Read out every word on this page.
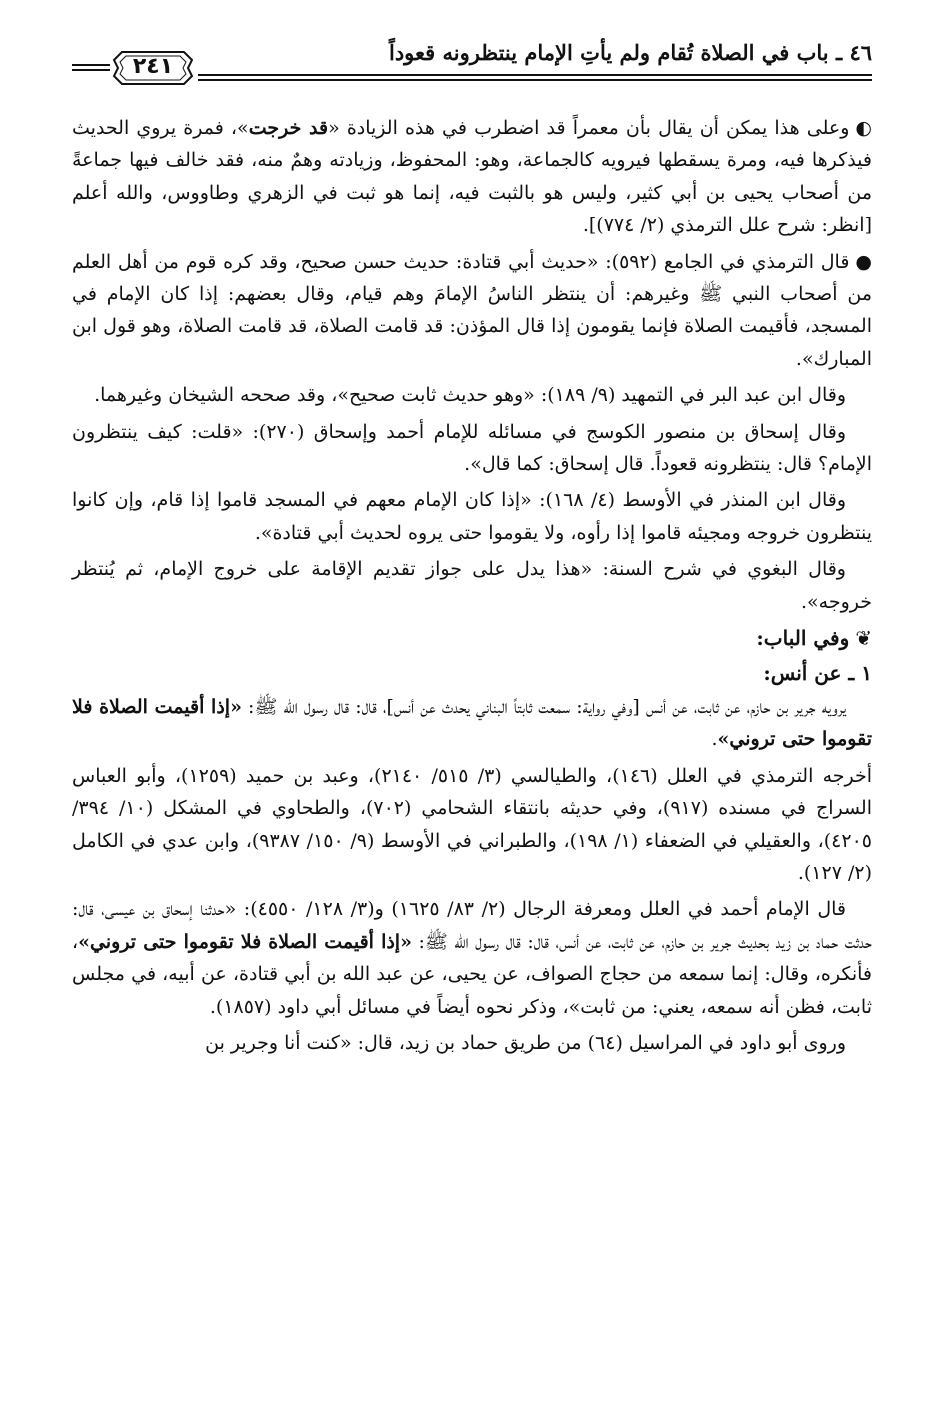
٤٦ ـ باب في الصلاة تُقام ولم يأتِ الإمام ينتظرونه قعوداً
٢٤١

◐وعلى هذا يمكن أن يقال بأن معمراً قد اضطرب في هذه الزيادة «قد خرجت»، فمرة يروي الحديث فيذكرها فيه، ومرة يسقطها فيرويه كالجماعة، وهو: المحفوظ، وزيادته وهمٌ منه، فقد خالف فيها جماعةً من أصحاب يحيى بن أبي كثير، وليس هو بالثبت فيه، إنما هو ثبت في الزهري وطاووس، والله أعلم [انظر: شرح علل الترمذي (٢/ ٧٧٤)].

●قال الترمذي في الجامع (٥٩٢): «حديث أبي قتادة: حديث حسن صحيح، وقد كره قوم من أهل العلم من أصحاب النبي ﷺ وغيرهم: أن ينتظر الناسُ الإمامَ وهم قيام، وقال بعضهم: إذا كان الإمام في المسجد، فأقيمت الصلاة فإنما يقومون إذا قال المؤذن: قد قامت الصلاة، قد قامت الصلاة، وهو قول ابن المبارك».

وقال ابن عبد البر في التمهيد (٩/ ١٨٩): «وهو حديث ثابت صحيح»، وقد صححه الشيخان وغيرهما.

وقال إسحاق بن منصور الكوسج في مسائله للإمام أحمد وإسحاق (٢٧٠): «قلت: كيف ينتظرون الإمام؟ قال: ينتظرونه قعوداً. قال إسحاق: كما قال».

وقال ابن المنذر في الأوسط (٤/ ١٦٨): «إذا كان الإمام معهم في المسجد قاموا إذا قام، وإن كانوا ينتظرون خروجه ومجيئه قاموا إذا رأوه، ولا يقوموا حتى يروه لحديث أبي قتادة».

وقال البغوي في شرح السنة: «هذا يدل على جواز تقديم الإقامة على خروج الإمام، ثم يُنتظر خروجه».

❦وفي الباب:
١ ـ عن أنس:

يرويه جرير بن حازم، عن ثابت، عن أنس [وفي رواية: سمعت ثابتاً البناني يحدث عن أنس]، قال: قال رسول الله ﷺ: «إذا أقيمت الصلاة فلا تقوموا حتى تروني».

أخرجه الترمذي في العلل (١٤٦)، والطيالسي (٣/ ٥١٥/ ٢١٤٠)، وعبد بن حميد (١٢٥٩)، وأبو العباس السراج في مسنده (٩١٧)، وفي حديثه بانتقاء الشحامي (٧٠٢)، والطحاوي في المشكل (١٠/ ٣٩٤/ ٤٢٠٥)، والعقيلي في الضعفاء (١/ ١٩٨)، والطبراني في الأوسط (٩/ ١٥٠/ ٩٣٨٧)، وابن عدي في الكامل (٢/ ١٢٧).

قال الإمام أحمد في العلل ومعرفة الرجال (٢/ ٨٣/ ١٦٢٥) و(٣/ ١٢٨/ ٤٥٥٠): «حدثنا إسحاق بن عيسى، قال: حدثت حماد بن زيد بحديث جرير بن حازم، عن ثابت، عن أنس، قال: قال رسول الله ﷺ: «إذا أقيمت الصلاة فلا تقوموا حتى تروني»، فأنكره، وقال: إنما سمعه من حجاج الصواف، عن يحيى، عن عبد الله بن أبي قتادة، عن أبيه، في مجلس ثابت، فظن أنه سمعه، يعني: من ثابت»، وذكر نحوه أيضاً في مسائل أبي داود (١٨٥٧).

وروى أبو داود في المراسيل (٦٤) من طريق حماد بن زيد، قال: «كنت أنا وجرير بن
